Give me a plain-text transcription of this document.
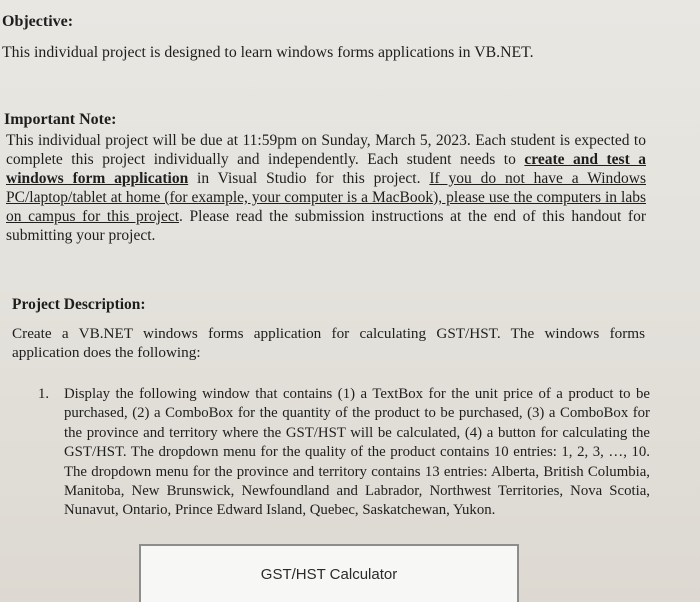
Objective:
This individual project is designed to learn windows forms applications in VB.NET.
Important Note:
This individual project will be due at 11:59pm on Sunday, March 5, 2023. Each student is expected to complete this project individually and independently. Each student needs to create and test a windows form application in Visual Studio for this project. If you do not have a Windows PC/laptop/tablet at home (for example, your computer is a MacBook), please use the computers in labs on campus for this project. Please read the submission instructions at the end of this handout for submitting your project.
Project Description:
Create a VB.NET windows forms application for calculating GST/HST. The windows forms application does the following:
1. Display the following window that contains (1) a TextBox for the unit price of a product to be purchased, (2) a ComboBox for the quantity of the product to be purchased, (3) a ComboBox for the province and territory where the GST/HST will be calculated, (4) a button for calculating the GST/HST. The dropdown menu for the quality of the product contains 10 entries: 1, 2, 3, …, 10. The dropdown menu for the province and territory contains 13 entries: Alberta, British Columbia, Manitoba, New Brunswick, Newfoundland and Labrador, Northwest Territories, Nova Scotia, Nunavut, Ontario, Prince Edward Island, Quebec, Saskatchewan, Yukon.
GST/HST Calculator
